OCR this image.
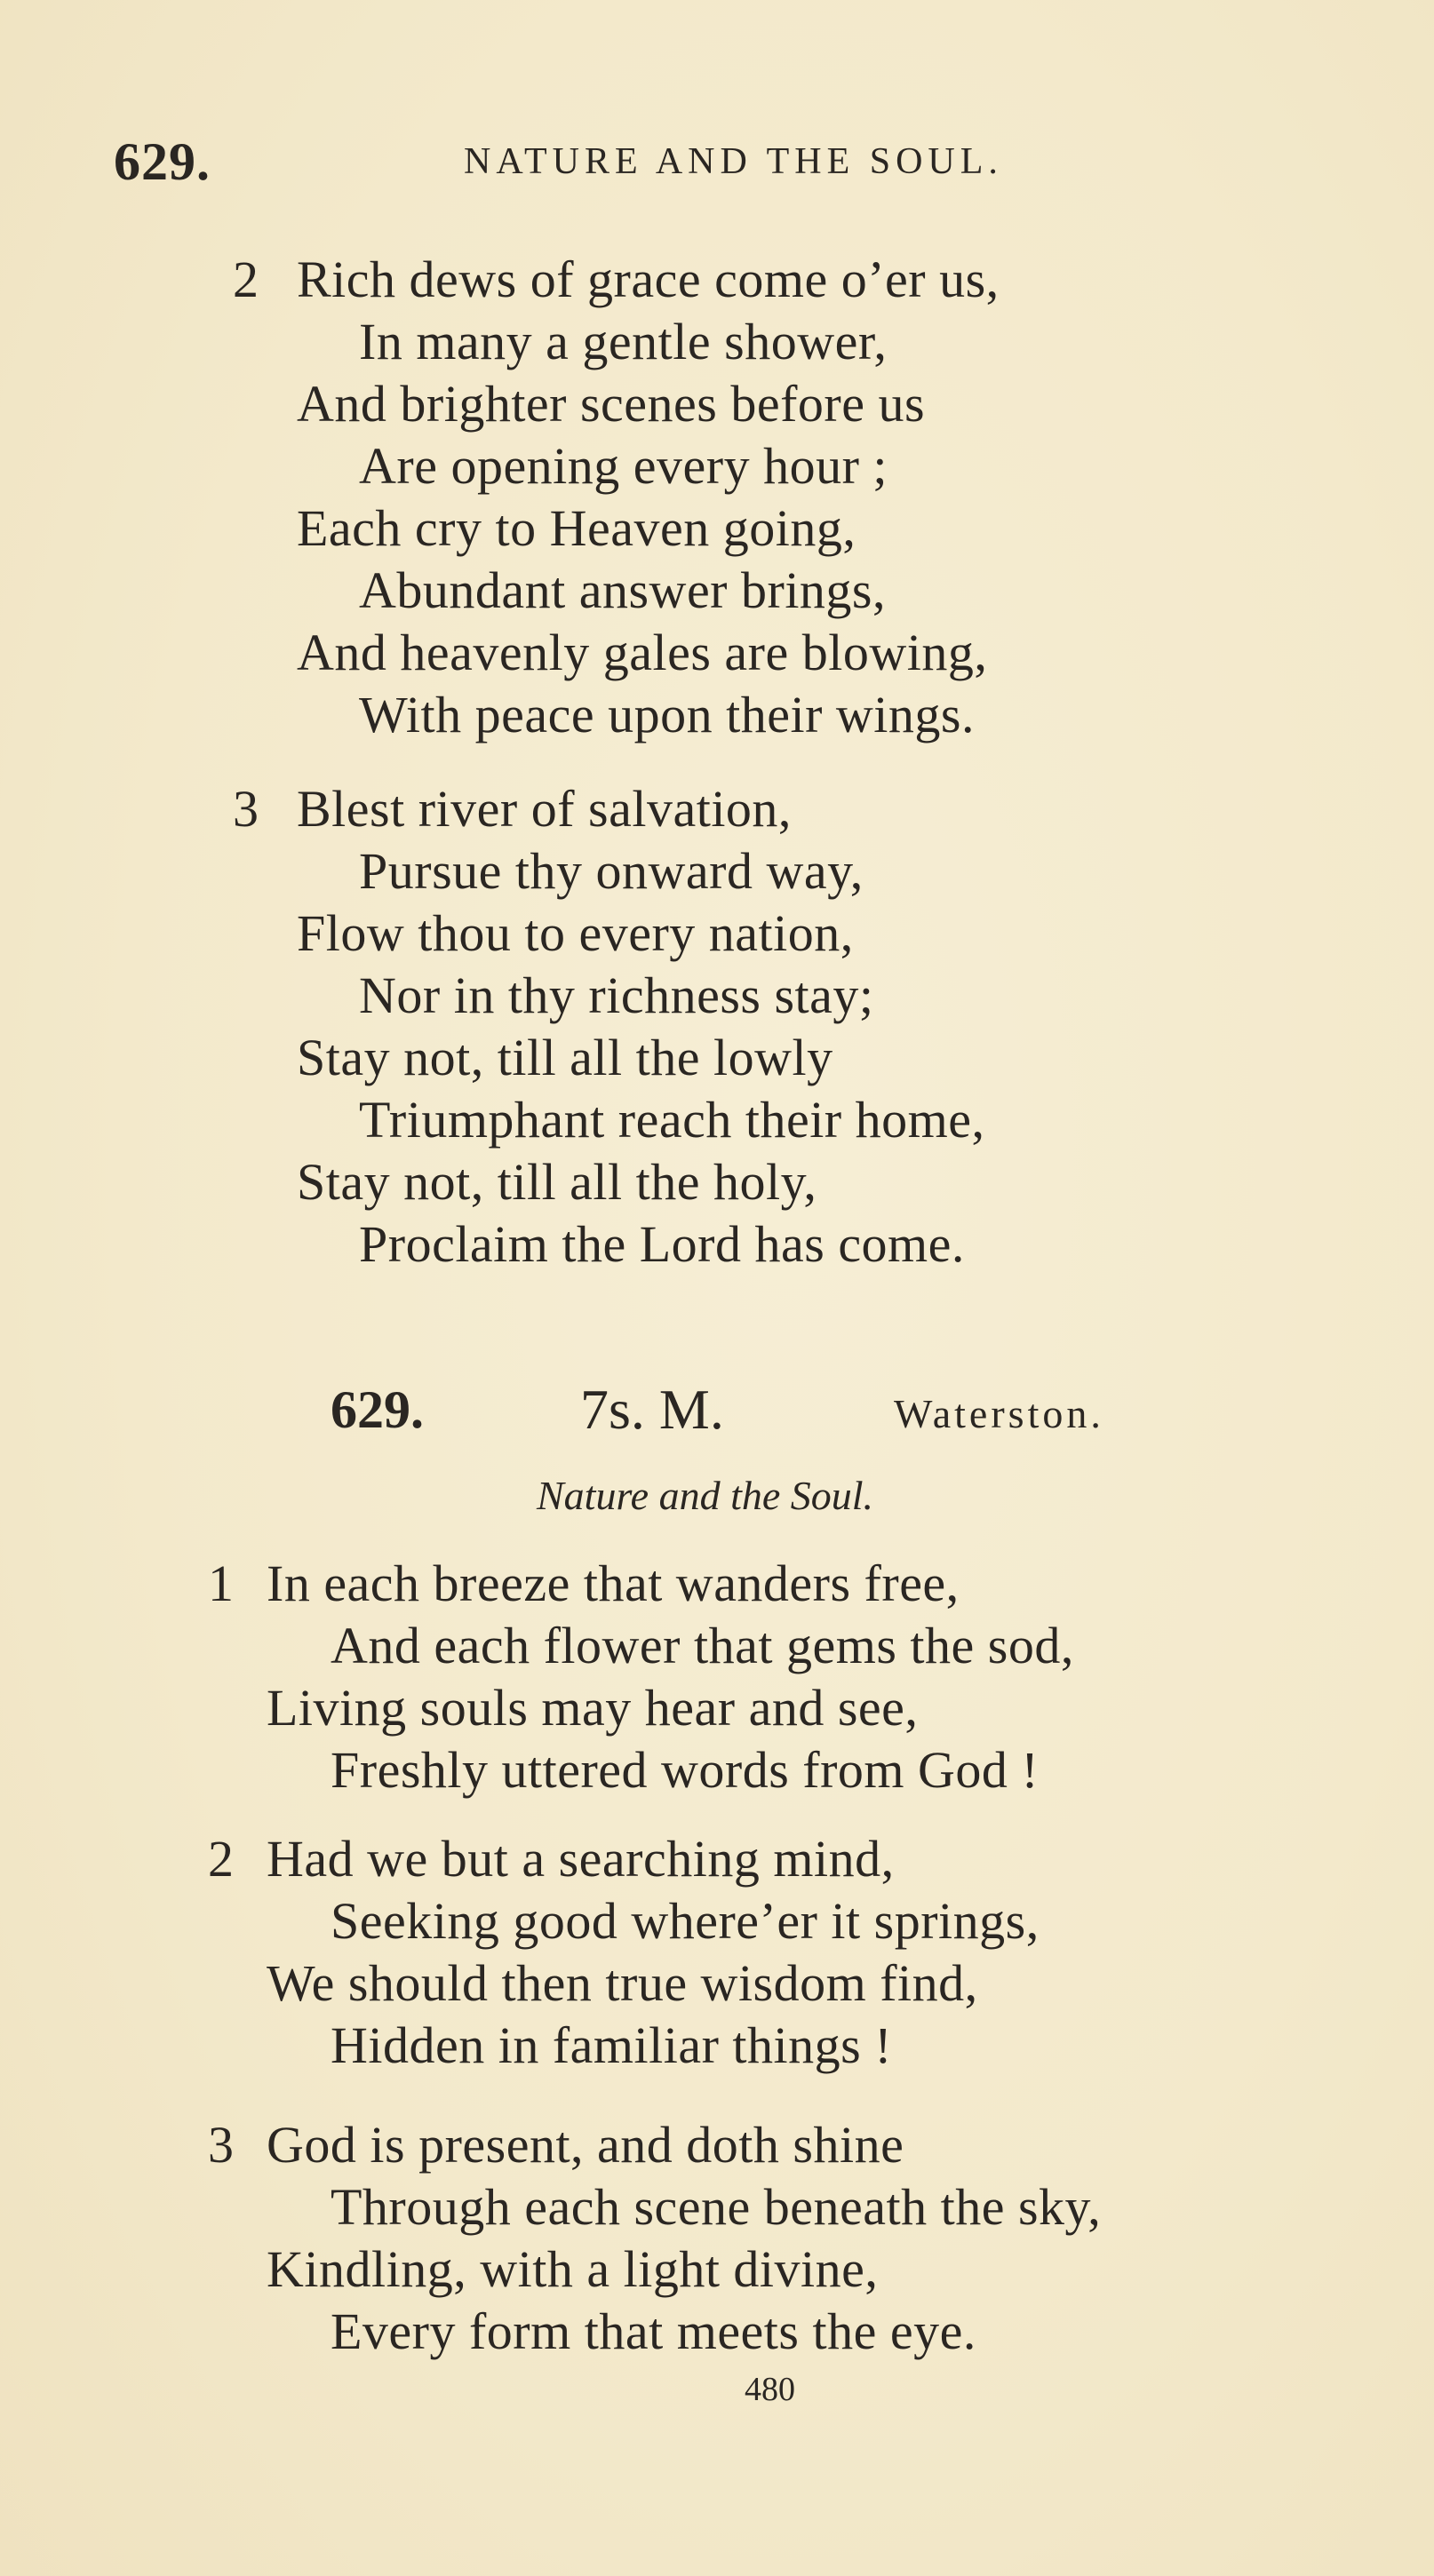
629.	NATURE AND THE SOUL.
2 Rich dews of grace come o’er us,
In many a gentle shower,
And brighter scenes before us
Are opening every hour ;
Each cry to Heaven going,
Abundant answer brings,
And heavenly gales are blowing,
With peace upon their wings.
3 Blest river of salvation,
Pursue thy onward way,
Flow thou to every nation,
Nor in thy richness stay;
Stay not, till all the lowly
Triumphant reach their home,
Stay not, till all the holy,
Proclaim the Lord has come.
629.	7s. M.	Waterston.
Nature and the Soul.
1 In each breeze that wanders free,
And each flower that gems the sod,
Living souls may hear and see,
Freshly uttered words from God !
2 Had we but a searching mind,
Seeking good where’er it springs,
We should then true wisdom find,
Hidden in familiar things !
3 God is present, and doth shine
Through each scene beneath the sky,
Kindling, with a light divine,
Every form that meets the eye.
480
